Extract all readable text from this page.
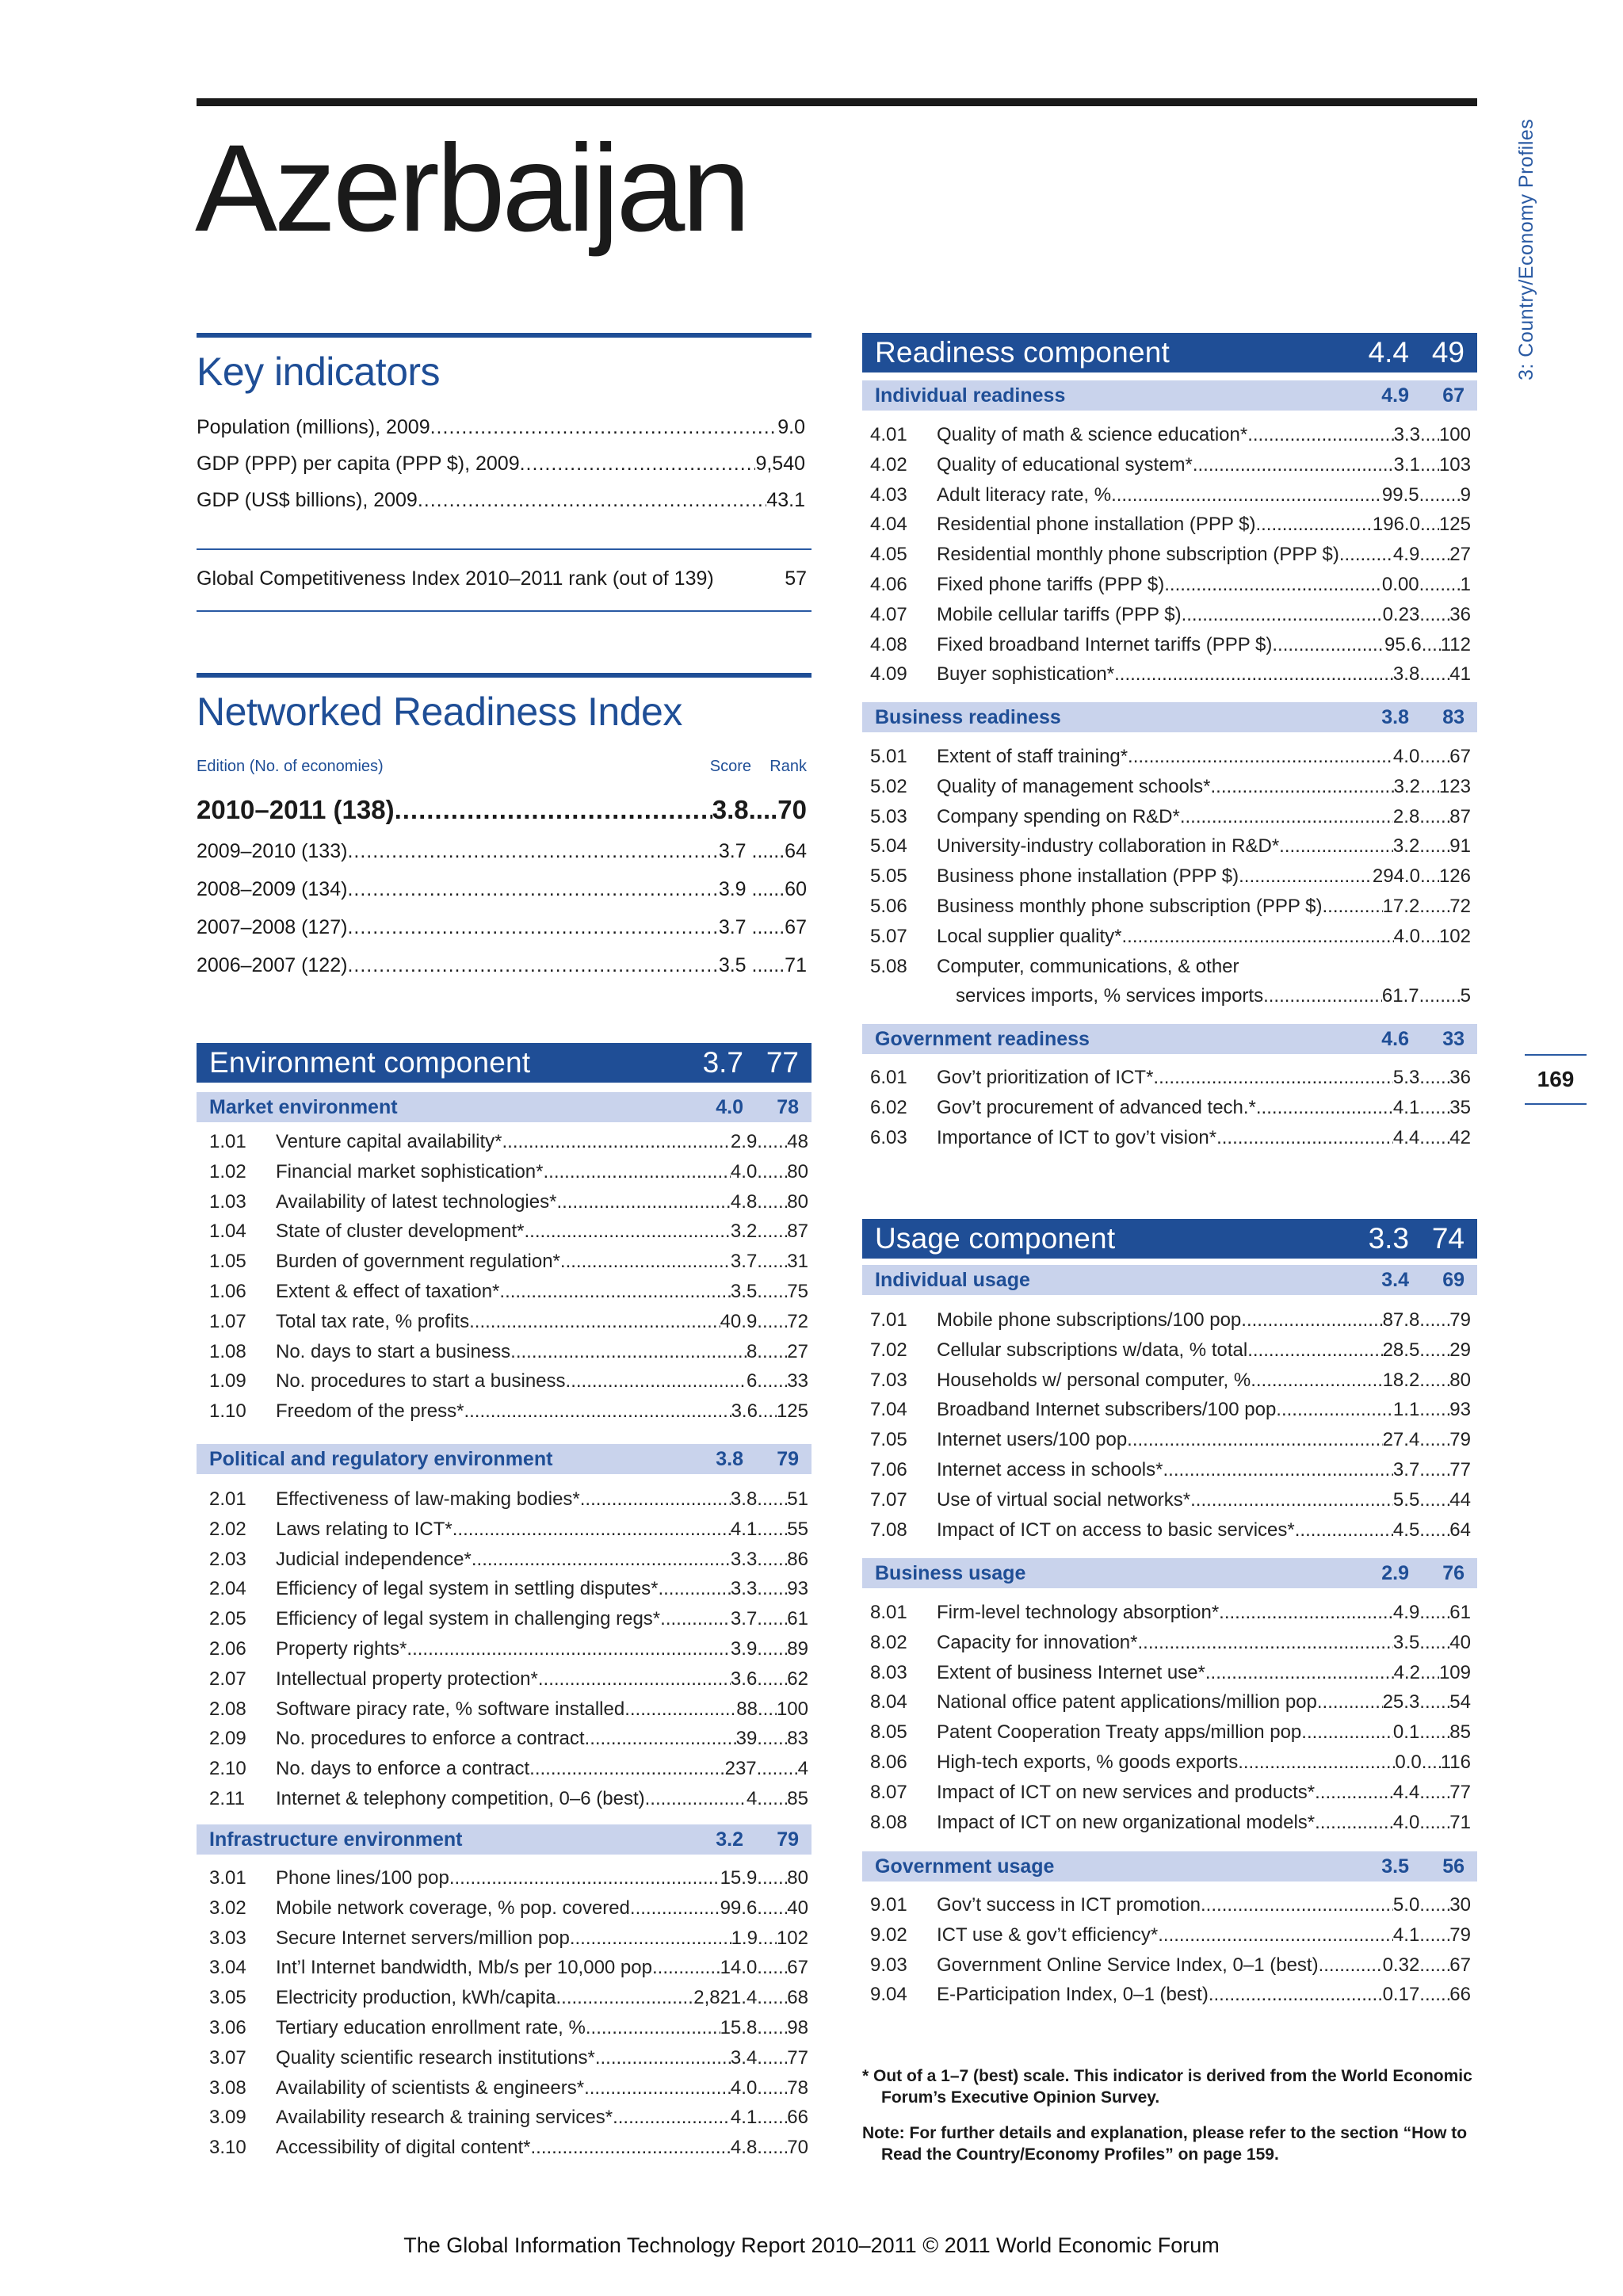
Azerbaijan	3: Country/Economy Profiles
169
Key indicators
Population (millions), 2009 .....	9.0
GDP (PPP) per capita (PPP $), 2009 .....	9,540
GDP (US$ billions), 2009 .....	43.1
Global Competitiveness Index 2010–2011 rank (out of 139)	57
Networked Readiness Index
Edition (No. of economies)	Score	Rank
2010–2011 (138) .....	3.8....70
2009–2010 (133) .....	3.7 ......64
2008–2009 (134) .....	3.9 ......60
2007–2008 (127) .....	3.7 ......67
2006–2007 (122) .....	3.5 ......71
Environment component	3.7 77
Market environment	4.0	78
1.01	Venture capital availability* .....	2.9 ..... 48
1.02	Financial market sophistication* .....	4.0 ..... 80
1.03	Availability of latest technologies* .....	4.8 ..... 80
1.04	State of cluster development* .....	3.2 ..... 87
1.05	Burden of government regulation* .....	3.7 ..... 31
1.06	Extent & effect of taxation* .....	3.5 ..... 75
1.07	Total tax rate, % profits .....	40.9 ..... 72
1.08	No. days to start a business .....	8 ..... 27
1.09	No. procedures to start a business .....	6 ..... 33
1.10	Freedom of the press* .....	3.6 ..... 125
Political and regulatory environment	3.8	79
2.01	Effectiveness of law-making bodies* .....	3.8 ..... 51
2.02	Laws relating to ICT* .....	4.1 ..... 55
2.03	Judicial independence* .....	3.3 ..... 86
2.04	Efficiency of legal system in settling disputes* .....	3.3 ..... 93
2.05	Efficiency of legal system in challenging regs* .....	3.7 ..... 61
2.06	Property rights* .....	3.9 ..... 89
2.07	Intellectual property protection* .....	3.6 ..... 62
2.08	Software piracy rate, % software installed .....	88 ..... 100
2.09	No. procedures to enforce a contract .....	39 ..... 83
2.10	No. days to enforce a contract .....	237 ..... 4
2.11	Internet & telephony competition, 0–6 (best) .....	4 ..... 85
Infrastructure environment	3.2	79
3.01	Phone lines/100 pop. .....	15.9 ..... 80
3.02	Mobile network coverage, % pop. covered .....	99.6 ..... 40
3.03	Secure Internet servers/million pop. .....	1.9 ..... 102
3.04	Int’l Internet bandwidth, Mb/s per 10,000 pop .....	14.0 ..... 67
3.05	Electricity production, kWh/capita .....	2,821.4 ..... 68
3.06	Tertiary education enrollment rate, % .....	15.8 ..... 98
3.07	Quality scientific research institutions* .....	3.4 ..... 77
3.08	Availability of scientists & engineers* .....	4.0 ..... 78
3.09	Availability research & training services* .....	4.1 ..... 66
3.10	Accessibility of digital content* .....	4.8 ..... 70
Readiness component	4.4 49
Individual readiness	4.9	67
4.01	Quality of math & science education* .....	3.3 ..... 100
4.02	Quality of educational system* .....	3.1 ..... 103
4.03	Adult literacy rate, % .....	99.5 ..... 9
4.04	Residential phone installation (PPP $) .....	196.0 ..... 125
4.05	Residential monthly phone subscription (PPP $) .....	4.9 ..... 27
4.06	Fixed phone tariffs (PPP $) .....	0.00 ..... 1
4.07	Mobile cellular tariffs (PPP $) .....	0.23 ..... 36
4.08	Fixed broadband Internet tariffs (PPP $) .....	95.6 ..... 112
4.09	Buyer sophistication* .....	3.8 ..... 41
Business readiness	3.8	83
5.01	Extent of staff training* .....	4.0 ..... 67
5.02	Quality of management schools* .....	3.2 ..... 123
5.03	Company spending on R&D* .....	2.8 ..... 87
5.04	University-industry collaboration in R&D* .....	3.2 ..... 91
5.05	Business phone installation (PPP $) .....	294.0 ..... 126
5.06	Business monthly phone subscription (PPP $) .....	17.2 ..... 72
5.07	Local supplier quality* .....	4.0 ..... 102
5.08	Computer, communications, & other
services imports, % services imports .....	61.7 ..... 5
Government readiness	4.6	33
6.01	Gov’t prioritization of ICT* .....	5.3 ..... 36
6.02	Gov’t procurement of advanced tech.* .....	4.1 ..... 35
6.03	Importance of ICT to gov’t vision* .....	4.4 ..... 42
Usage component	3.3 74
Individual usage	3.4	69
7.01	Mobile phone subscriptions/100 pop. .....	87.8 ..... 79
7.02	Cellular subscriptions w/data, % total .....	28.5 ..... 29
7.03	Households w/ personal computer, % .....	18.2 ..... 80
7.04	Broadband Internet subscribers/100 pop. .....	1.1 ..... 93
7.05	Internet users/100 pop. .....	27.4 ..... 79
7.06	Internet access in schools* .....	3.7 ..... 77
7.07	Use of virtual social networks* .....	5.5 ..... 44
7.08	Impact of ICT on access to basic services* .....	4.5 ..... 64
Business usage	2.9	76
8.01	Firm-level technology absorption* .....	4.9 ..... 61
8.02	Capacity for innovation* .....	3.5 ..... 40
8.03	Extent of business Internet use* .....	4.2 ..... 109
8.04	National office patent applications/million pop .....	25.3 ..... 54
8.05	Patent Cooperation Treaty apps/million pop .....	0.1 ..... 85
8.06	High-tech exports, % goods exports .....	0.0 ..... 116
8.07	Impact of ICT on new services and products* .....	4.4 ..... 77
8.08	Impact of ICT on new organizational models* .....	4.0 ..... 71
Government usage	3.5	56
9.01	Gov’t success in ICT promotion .....	5.0 ..... 30
9.02	ICT use & gov’t efficiency* .....	4.1 ..... 79
9.03	Government Online Service Index, 0–1 (best) .....	0.32 ..... 67
9.04	E-Participation Index, 0–1 (best) .....	0.17 ..... 66

* Out of a 1–7 (best) scale. This indicator is derived from the World Economic Forum’s Executive Opinion Survey.

Note: For further details and explanation, please refer to the section “How to Read the Country/Economy Profiles” on page 159.

The Global Information Technology Report 2010–2011 © 2011 World Economic Forum
